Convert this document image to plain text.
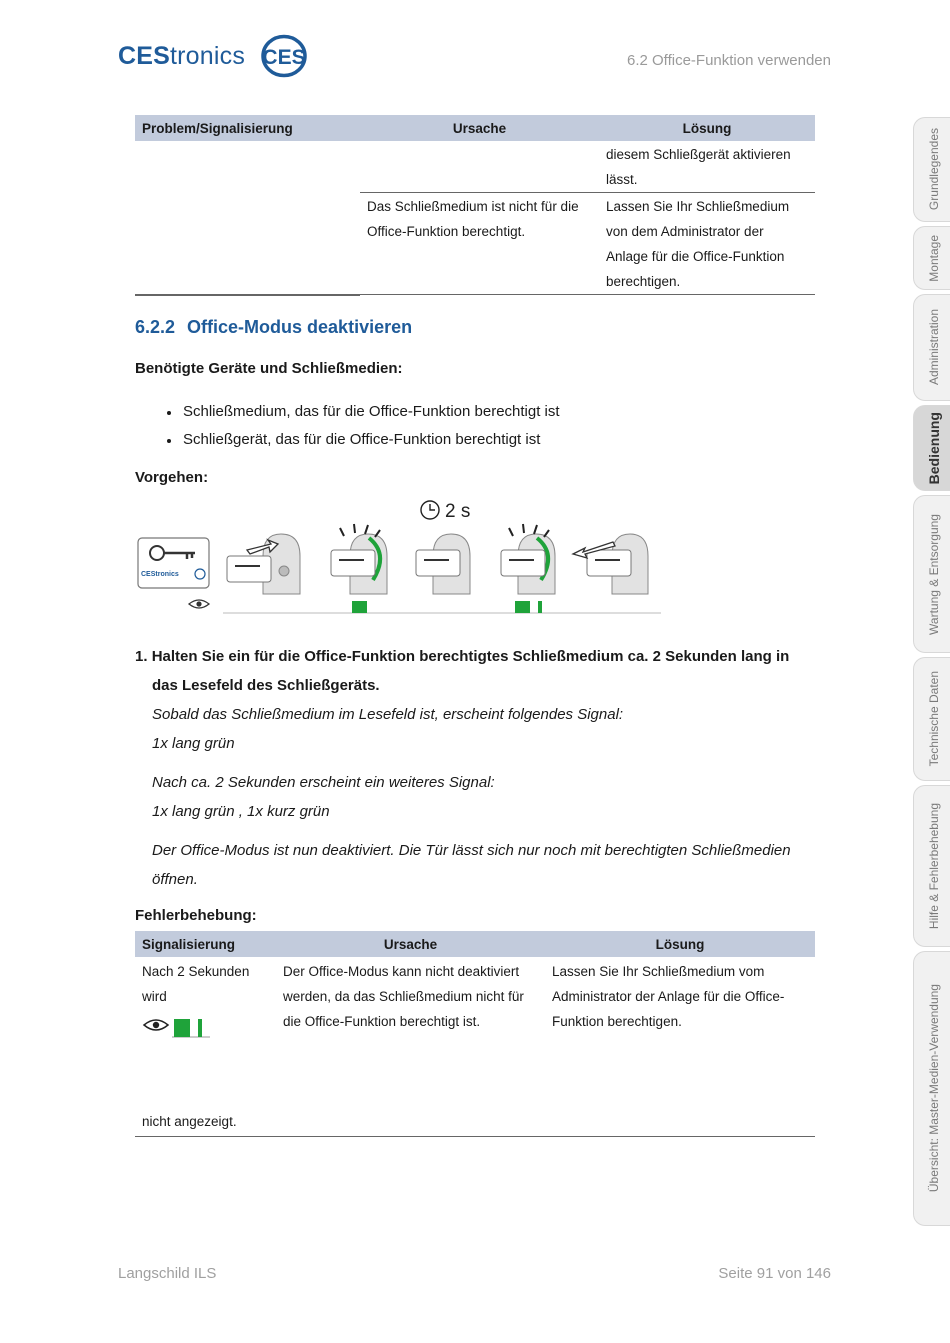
CEStronics CES	6.2 Office-Funktion verwenden
Problem/Signalisierung	Ursache	Lösung
		diesem Schließgerät aktivieren lässt.
	Das Schließmedium ist nicht für die Office-Funktion berechtigt.	Lassen Sie Ihr Schließmedium von dem Administrator der Anlage für die Office-Funktion berechtigen.
6.2.2 Office-Modus deaktivieren
Benötigte Geräte und Schließmedien:
Schließmedium, das für die Office-Funktion berechtigt ist
Schließgerät, das für die Office-Funktion berechtigt ist
Vorgehen:
CEStronics
2 s
1. Halten Sie ein für die Office-Funktion berechtigtes Schließmedium ca. 2 Sekunden lang in
das Lesefeld des Schließgeräts.
Sobald das Schließmedium im Lesefeld ist, erscheint folgendes Signal:
1x lang grün
Nach ca. 2 Sekunden erscheint ein weiteres Signal:
1x lang grün , 1x kurz grün
Der Office-Modus ist nun deaktiviert. Die Tür lässt sich nur noch mit berechtigten Schließmedien
öffnen.
Fehlerbehebung:
Signalisierung	Ursache	Lösung

Nach 2 Sekunden
wird
nicht angezeigt.	Der Office-Modus kann nicht deaktiviert werden, da das Schließmedium nicht für die Office-Funktion berechtigt ist.	Lassen Sie Ihr Schließmedium vom Administrator der Anlage für die Office-Funktion berechtigen.
Langschild ILS	Seite 91 von 146
Grundlegendes
Montage
Administration
Bedienung
Wartung & Entsorgung
Technische Daten
Hilfe & Fehlerbehebung
Übersicht: Master-Medien-Verwendung
